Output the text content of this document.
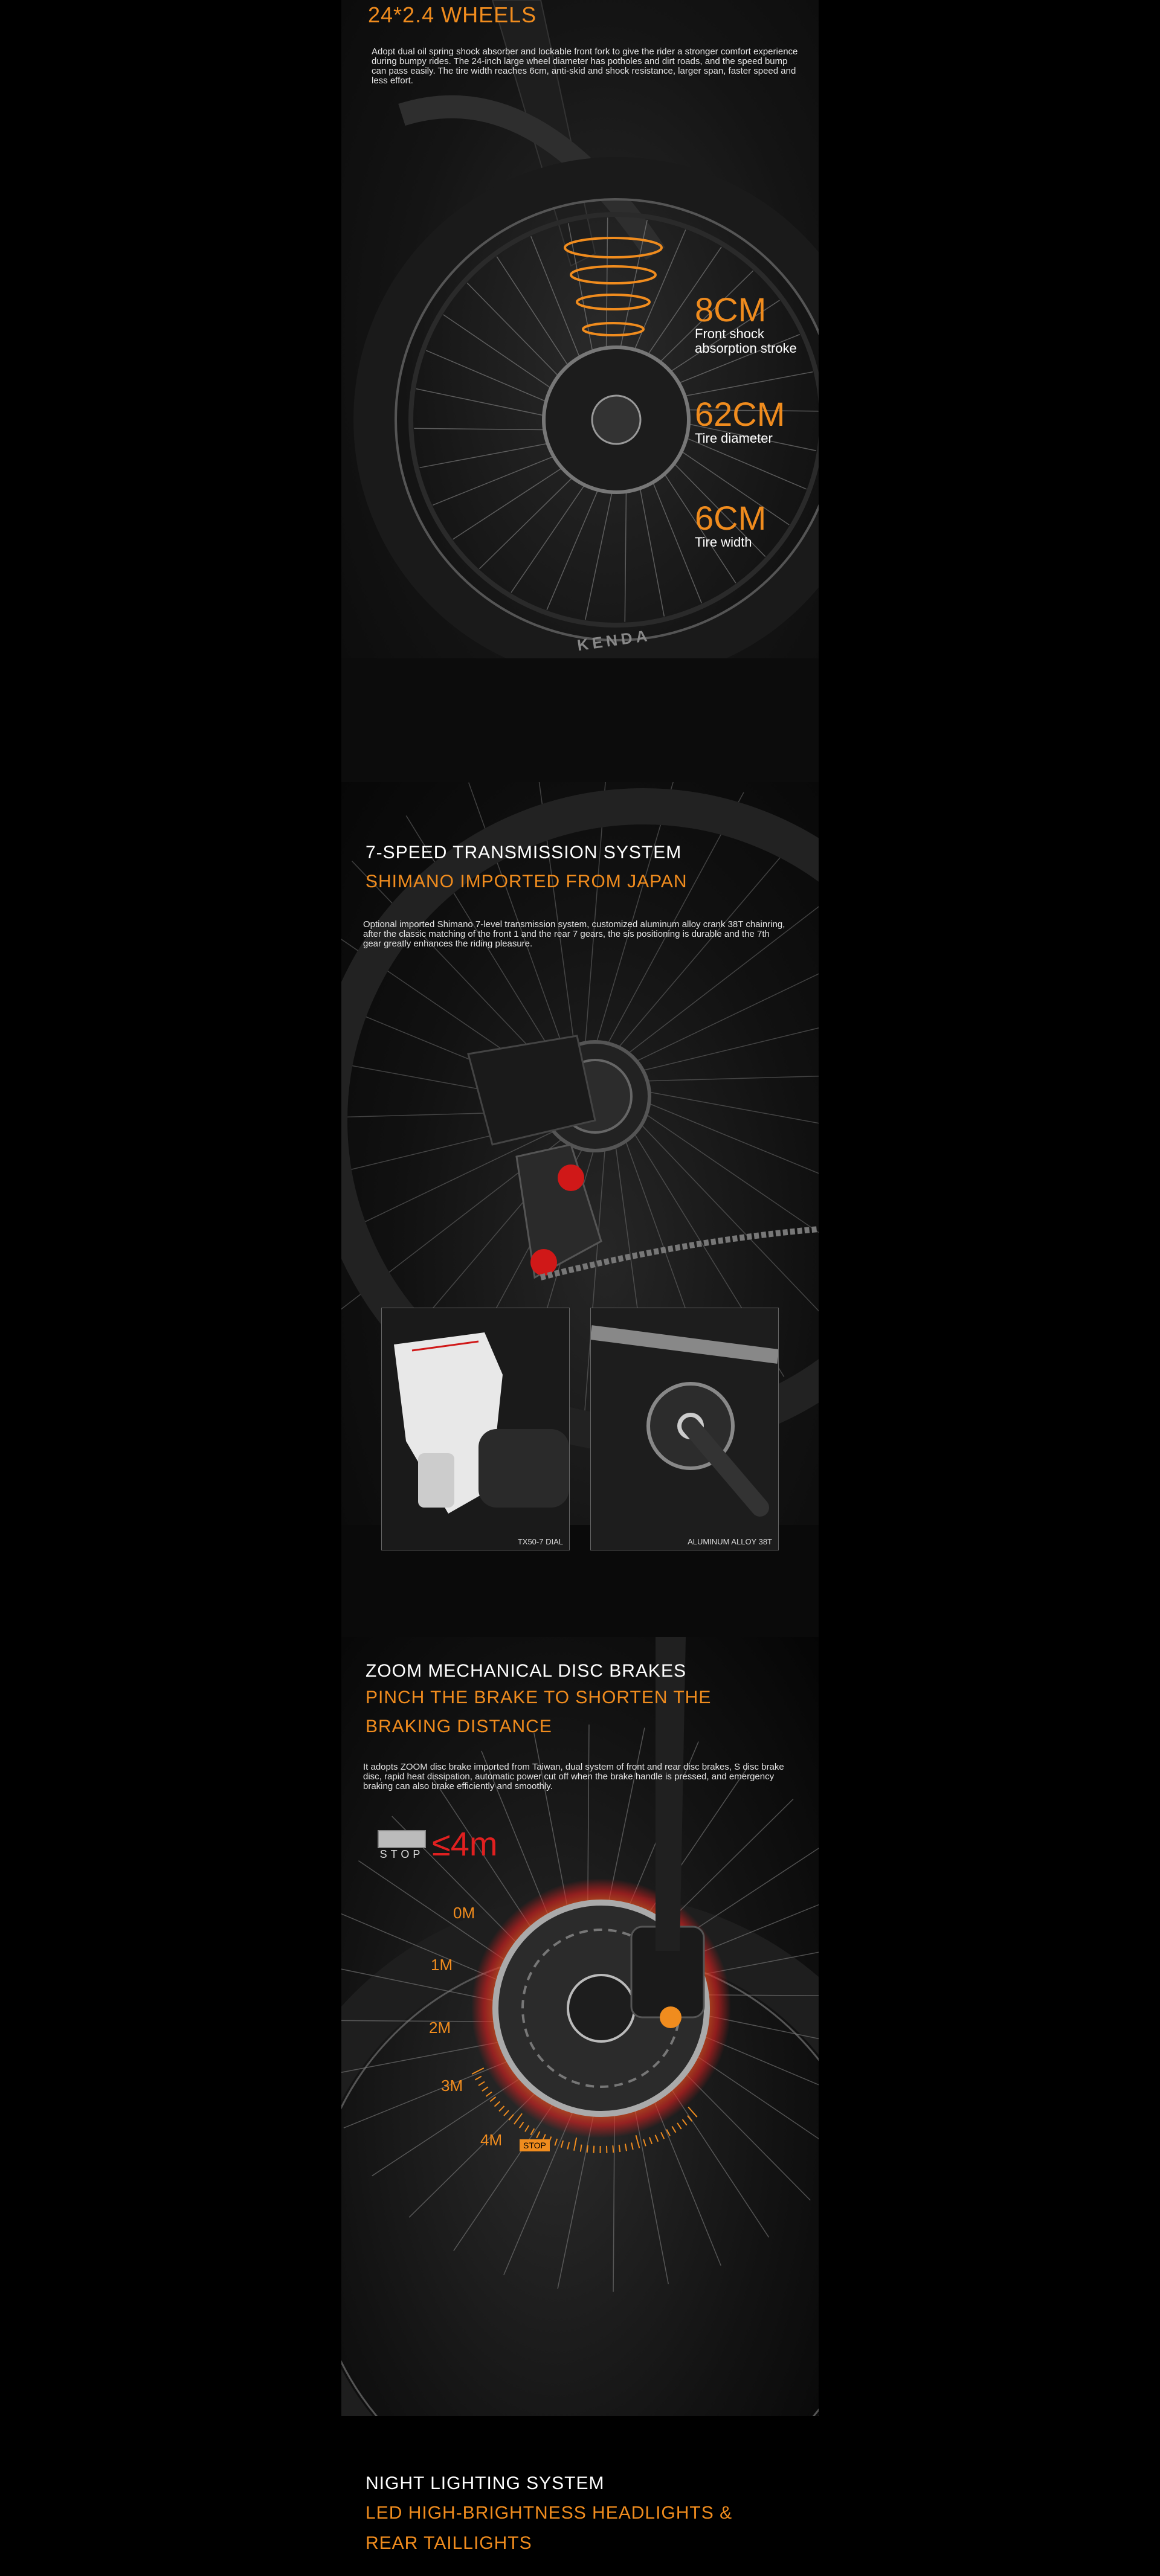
24*2.4 WHEELS
Adopt dual oil spring shock absorber and lockable front fork to give the rider a stronger comfort experience during bumpy rides. The 24-inch large wheel diameter has potholes and dirt roads, and the speed bump can pass easily. The tire width reaches 6cm, anti-skid and shock resistance, larger span, faster speed and less effort.
8CM
Front shock absorption stroke
62CM
Tire diameter
6CM
Tire width
KENDA
7-SPEED TRANSMISSION SYSTEM
SHIMANO IMPORTED FROM JAPAN
Optional imported Shimano 7-level transmission system, customized aluminum alloy crank 38T chainring, after the classic matching of the front 1 and the rear 7 gears, the sis positioning is durable and the 7th gear greatly enhances the riding pleasure.
TX50-7 DIAL	ALUMINUM ALLOY 38T
ZOOM MECHANICAL DISC BRAKES
PINCH THE BRAKE TO SHORTEN THE
BRAKING DISTANCE
It adopts ZOOM disc brake imported from Taiwan, dual system of front and rear disc brakes, S disc brake disc, rapid heat dissipation, automatic power cut off when the brake handle is pressed, and emergency braking can also brake efficiently and smoothly.
STOP ≤4m
0M
1M
2M
3M
4M	STOP
NIGHT LIGHTING SYSTEM
LED HIGH-BRIGHTNESS HEADLIGHTS &
REAR TAILLIGHTS
